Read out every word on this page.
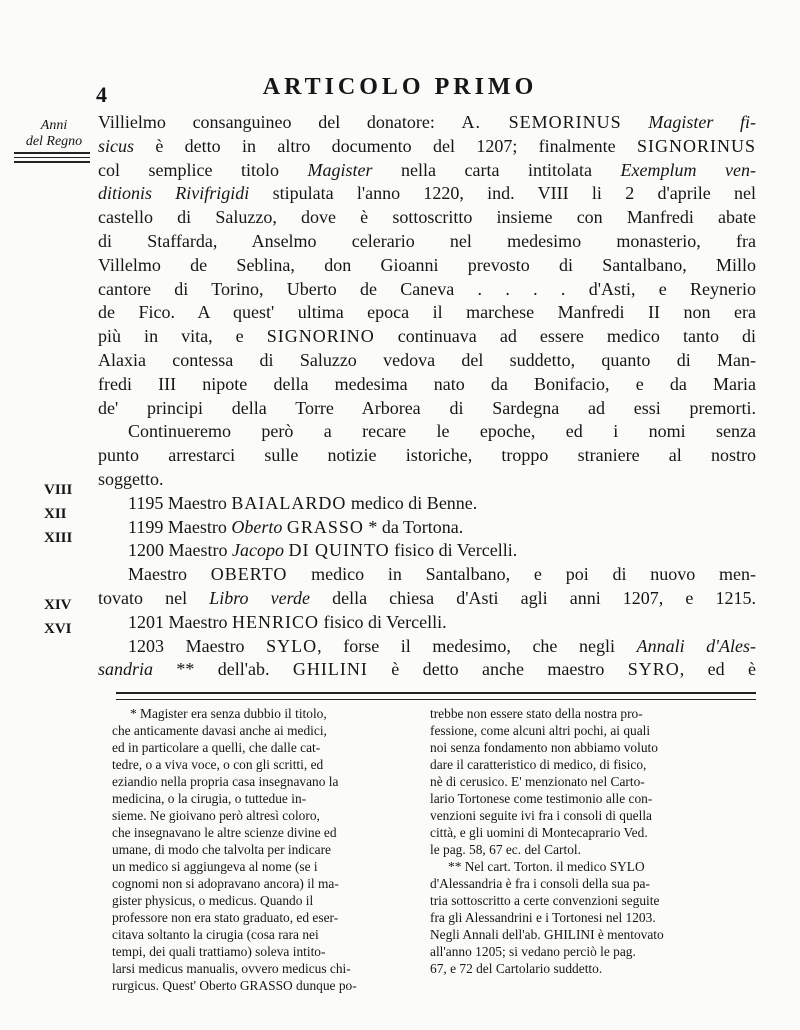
4	ARTICOLO PRIMO
Anni
del Regno
VIII
XII
XIII
XIV
XVI
Villielmo consanguineo del donatore: A. SEMORINUS Magister fi-
sicus è detto in altro documento del 1207; finalmente SIGNORINUS
col semplice titolo Magister nella carta intitolata Exemplum ven-
ditionis Rivifrigidi stipulata l'anno 1220, ind. VIII li 2 d'aprile nel
castello di Saluzzo, dove è sottoscritto insieme con Manfredi abate
di Staffarda, Anselmo celerario nel medesimo monasterio, fra
Villelmo de Seblina, don Gioanni prevosto di Santalbano, Millo
cantore di Torino, Uberto de Caneva . . . . d'Asti, e Reynerio
de Fico. A quest' ultima epoca il marchese Manfredi II non era
più in vita, e SIGNORINO continuava ad essere medico tanto di
Alaxia contessa di Saluzzo vedova del suddetto, quanto di Man-
fredi III nipote della medesima nato da Bonifacio, e da Maria
de' principi della Torre Arborea di Sardegna ad essi premorti.
Continueremo però a recare le epoche, ed i nomi senza
punto arrestarci sulle notizie istoriche, troppo straniere al nostro
soggetto.
1195 Maestro BAIALARDO medico di Benne.
1199 Maestro Oberto GRASSO * da Tortona.
1200 Maestro Jacopo DI QUINTO fisico di Vercelli.
Maestro OBERTO medico in Santalbano, e poi di nuovo men-
tovato nel Libro verde della chiesa d'Asti agli anni 1207, e 1215.
1201 Maestro HENRICO fisico di Vercelli.
1203 Maestro SYLO, forse il medesimo, che negli Annali d'Ales-
sandria ** dell'ab. GHILINI è detto anche maestro SYRO, ed è
* Magister era senza dubbio il titolo,
che anticamente davasi anche ai medici,
ed in particolare a quelli, che dalle cat-
tedre, o a viva voce, o con gli scritti, ed
eziandio nella propria casa insegnavano la
medicina, o la cirugia, o tuttedue in-
sieme. Ne gioivano però altresì coloro,
che insegnavano le altre scienze divine ed
umane, di modo che talvolta per indicare
un medico si aggiungeva al nome (se i
cognomi non si adopravano ancora) il ma-
gister physicus, o medicus. Quando il
professore non era stato graduato, ed eser-
citava soltanto la cirugia (cosa rara nei
tempi, dei quali trattiamo) soleva intito-
larsi medicus manualis, ovvero medicus chi-
rurgicus. Quest' Oberto GRASSO dunque po-
trebbe non essere stato della nostra pro-
fessione, come alcuni altri pochi, ai quali
noi senza fondamento non abbiamo voluto
dare il caratteristico di medico, di fisico,
nè di cerusico. E' menzionato nel Carto-
lario Tortonese come testimonio alle con-
venzioni seguite ivi fra i consoli di quella
città, e gli uomini di Montecaprario Ved.
le pag. 58, 67 ec. del Cartol.
** Nel cart. Torton. il medico SYLO
d'Alessandria è fra i consoli della sua pa-
tria sottoscritto a certe convenzioni seguite
fra gli Alessandrini e i Tortonesi nel 1203.
Negli Annali dell'ab. GHILINI è mentovato
all'anno 1205; si vedano perciò le pag.
67, e 72 del Cartolario suddetto.
